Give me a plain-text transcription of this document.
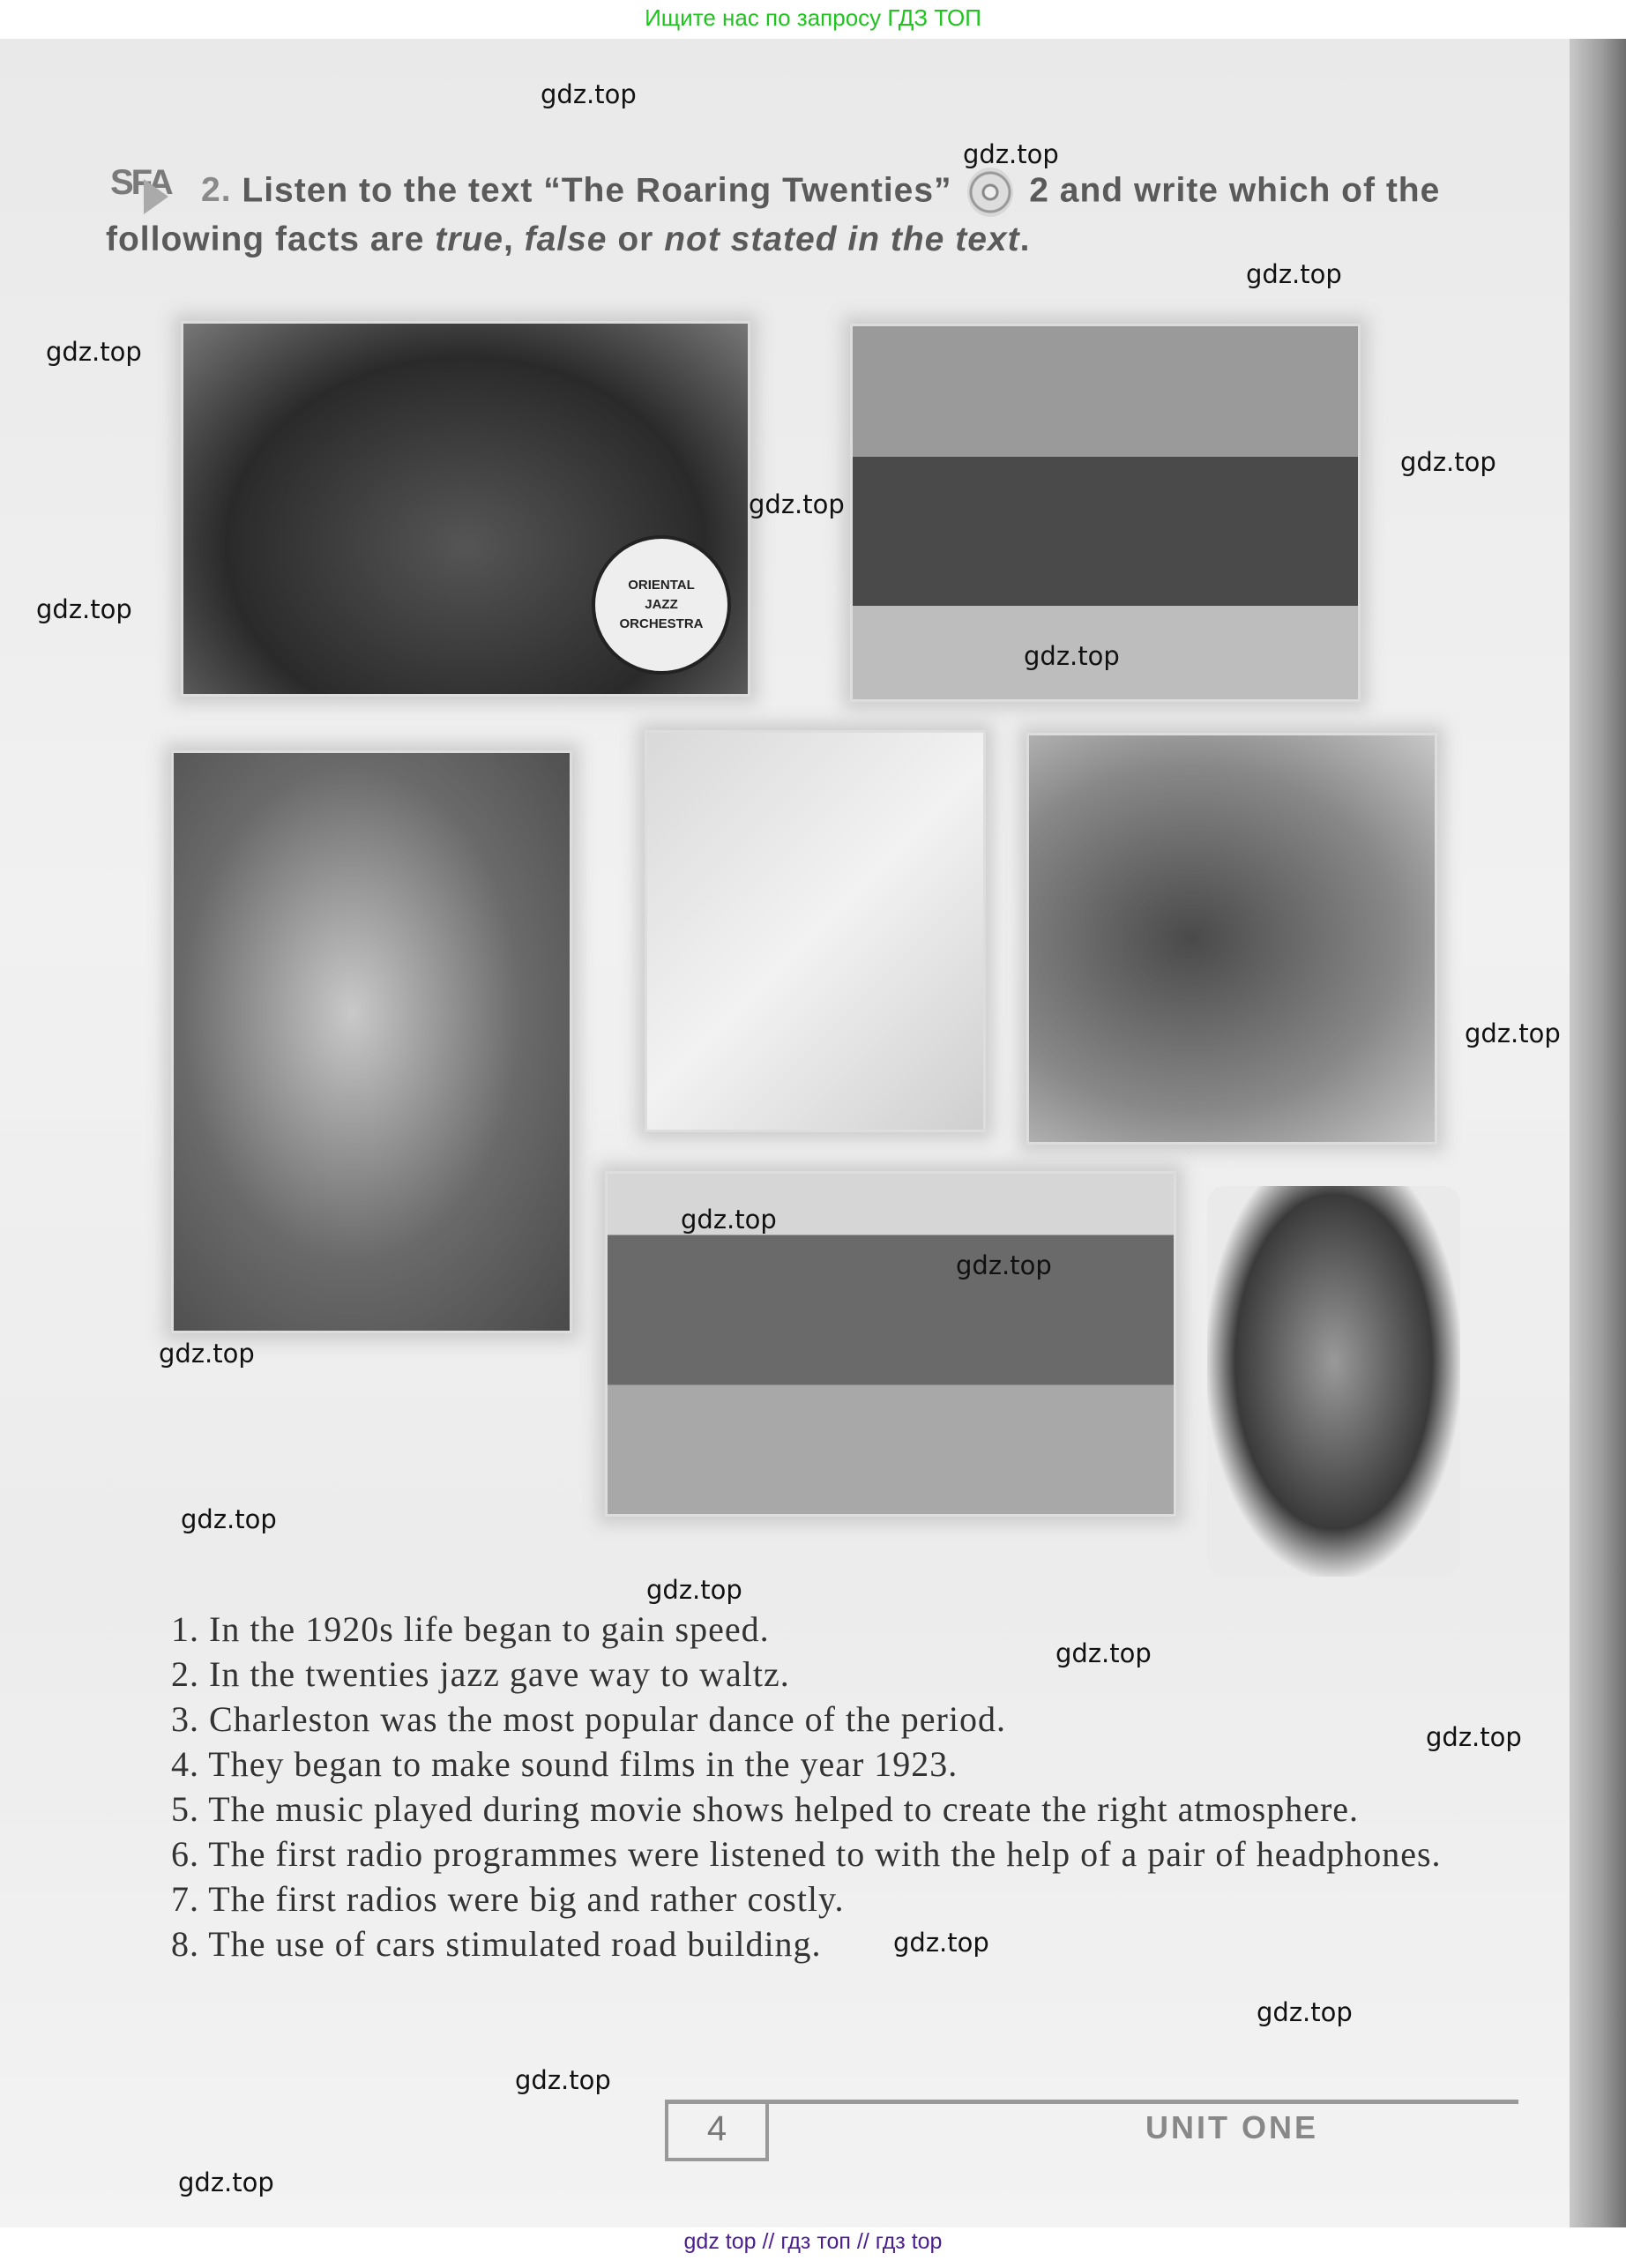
Ищите нас по запросу ГДЗ ТОП
SFA 2. Listen to the text “The Roaring Twenties” 2 and write which of the following facts are true, false or not stated in the text.
ORIENTAL
JAZZ
ORCHESTRA

1. In the 1920s life began to gain speed.

2. In the twenties jazz gave way to waltz.

3. Charleston was the most popular dance of the period.

4. They began to make sound films in the year 1923.

5. The music played during movie shows helped to create the right atmosphere.

6. The first radio programmes were listened to with the help of a pair of headphones.

7. The first radios were big and rather costly.

8. The use of cars stimulated road building.

4	UNIT ONE
gdz.top
gdz.top
gdz.top
gdz.top
gdz.top
gdz.top
gdz.top
gdz.top
gdz.top
gdz.top
gdz.top
gdz.top
gdz.top
gdz.top
gdz.top
gdz.top
gdz.top
gdz.top
gdz.top
gdz.top
gdz top // гдз топ // гдз top
